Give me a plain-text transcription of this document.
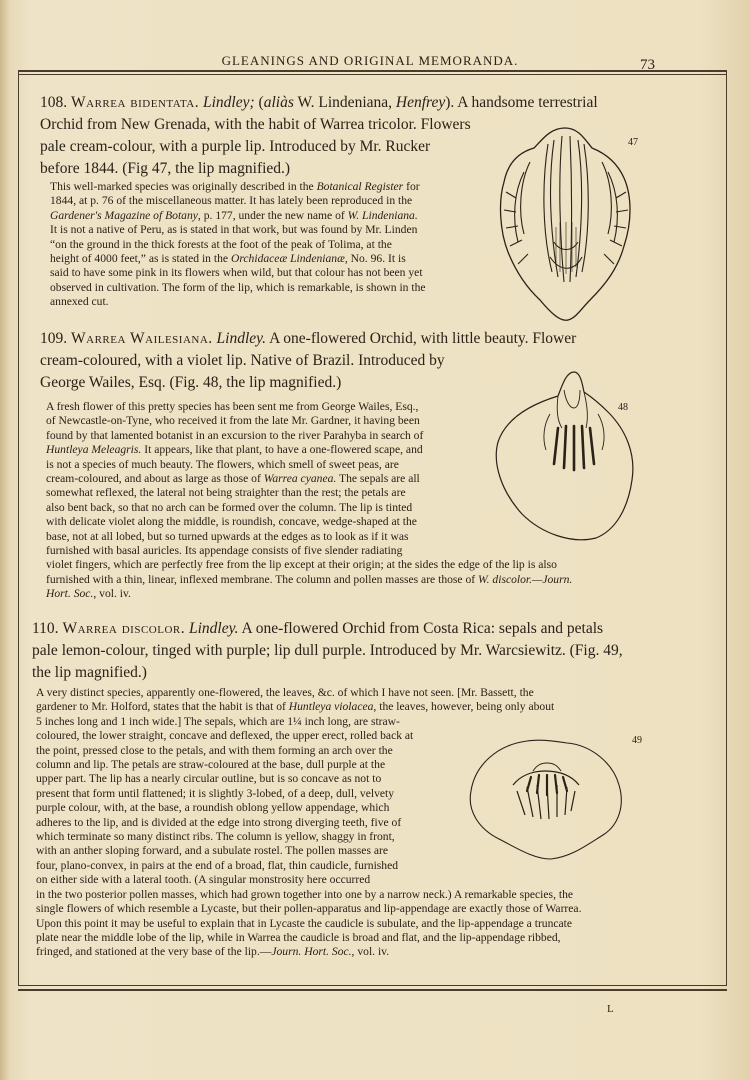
GLEANINGS AND ORIGINAL MEMORANDA.	73
L
108. Warrea bidentata. Lindley; (aliàs W. Lindeniana, Henfrey). A handsome terrestrial
Orchid from New Grenada, with the habit of Warrea tricolor. Flowers
pale cream-colour, with a purple lip. Introduced by Mr. Rucker
before 1844. (Fig 47, the lip magnified.)
This well-marked species was originally described in the Botanical Register for
1844, at p. 76 of the miscellaneous matter. It has lately been reproduced in the
Gardener's Magazine of Botany, p. 177, under the new name of W. Lindeniana.
It is not a native of Peru, as is stated in that work, but was found by Mr. Linden
“on the ground in the thick forests at the foot of the peak of Tolima, at the
height of 4000 feet,” as is stated in the Orchidaceæ Lindenianæ, No. 96. It is
said to have some pink in its flowers when wild, but that colour has not been yet
observed in cultivation. The form of the lip, which is remarkable, is shown in the
annexed cut.
47
109. Warrea Wailesiana. Lindley. A one-flowered Orchid, with little beauty. Flower
cream-coloured, with a violet lip. Native of Brazil. Introduced by
George Wailes, Esq. (Fig. 48, the lip magnified.)
A fresh flower of this pretty species has been sent me from George Wailes, Esq.,
of Newcastle-on-Tyne, who received it from the late Mr. Gardner, it having been
found by that lamented botanist in an excursion to the river Parahyba in search of
Huntleya Meleagris. It appears, like that plant, to have a one-flowered scape, and
is not a species of much beauty. The flowers, which smell of sweet peas, are
cream-coloured, and about as large as those of Warrea cyanea. The sepals are all
somewhat reflexed, the lateral not being straighter than the rest; the petals are
also bent back, so that no arch can be formed over the column. The lip is tinted
with delicate violet along the middle, is roundish, concave, wedge-shaped at the
base, not at all lobed, but so turned upwards at the edges as to look as if it was
furnished with basal auricles. Its appendage consists of five slender radiating
violet fingers, which are perfectly free from the lip except at their origin; at the sides the edge of the lip is also
furnished with a thin, linear, inflexed membrane. The column and pollen masses are those of W. discolor.—Journ.
Hort. Soc., vol. iv.
48
110. Warrea discolor. Lindley. A one-flowered Orchid from Costa Rica: sepals and petals
pale lemon-colour, tinged with purple; lip dull purple. Introduced by Mr. Warcsiewitz. (Fig. 49,
the lip magnified.)
A very distinct species, apparently one-flowered, the leaves, &c. of which I have not seen. [Mr. Bassett, the
gardener to Mr. Holford, states that the habit is that of Huntleya violacea, the leaves, however, being only about
5 inches long and 1 inch wide.] The sepals, which are 1¼ inch long, are straw-
coloured, the lower straight, concave and deflexed, the upper erect, rolled back at
the point, pressed close to the petals, and with them forming an arch over the
column and lip. The petals are straw-coloured at the base, dull purple at the
upper part. The lip has a nearly circular outline, but is so concave as not to
present that form until flattened; it is slightly 3-lobed, of a deep, dull, velvety
purple colour, with, at the base, a roundish oblong yellow appendage, which
adheres to the lip, and is divided at the edge into strong diverging teeth, five of
which terminate so many distinct ribs. The column is yellow, shaggy in front,
with an anther sloping forward, and a subulate rostel. The pollen masses are
four, plano-convex, in pairs at the end of a broad, flat, thin caudicle, furnished
on either side with a lateral tooth. (A singular monstrosity here occurred
in the two posterior pollen masses, which had grown together into one by a narrow neck.) A remarkable species, the
single flowers of which resemble a Lycaste, but their pollen-apparatus and lip-appendage are exactly those of Warrea.
Upon this point it may be useful to explain that in Lycaste the caudicle is subulate, and the lip-appendage a truncate
plate near the middle lobe of the lip, while in Warrea the caudicle is broad and flat, and the lip-appendage ribbed,
fringed, and stationed at the very base of the lip.—Journ. Hort. Soc., vol. iv.
49
